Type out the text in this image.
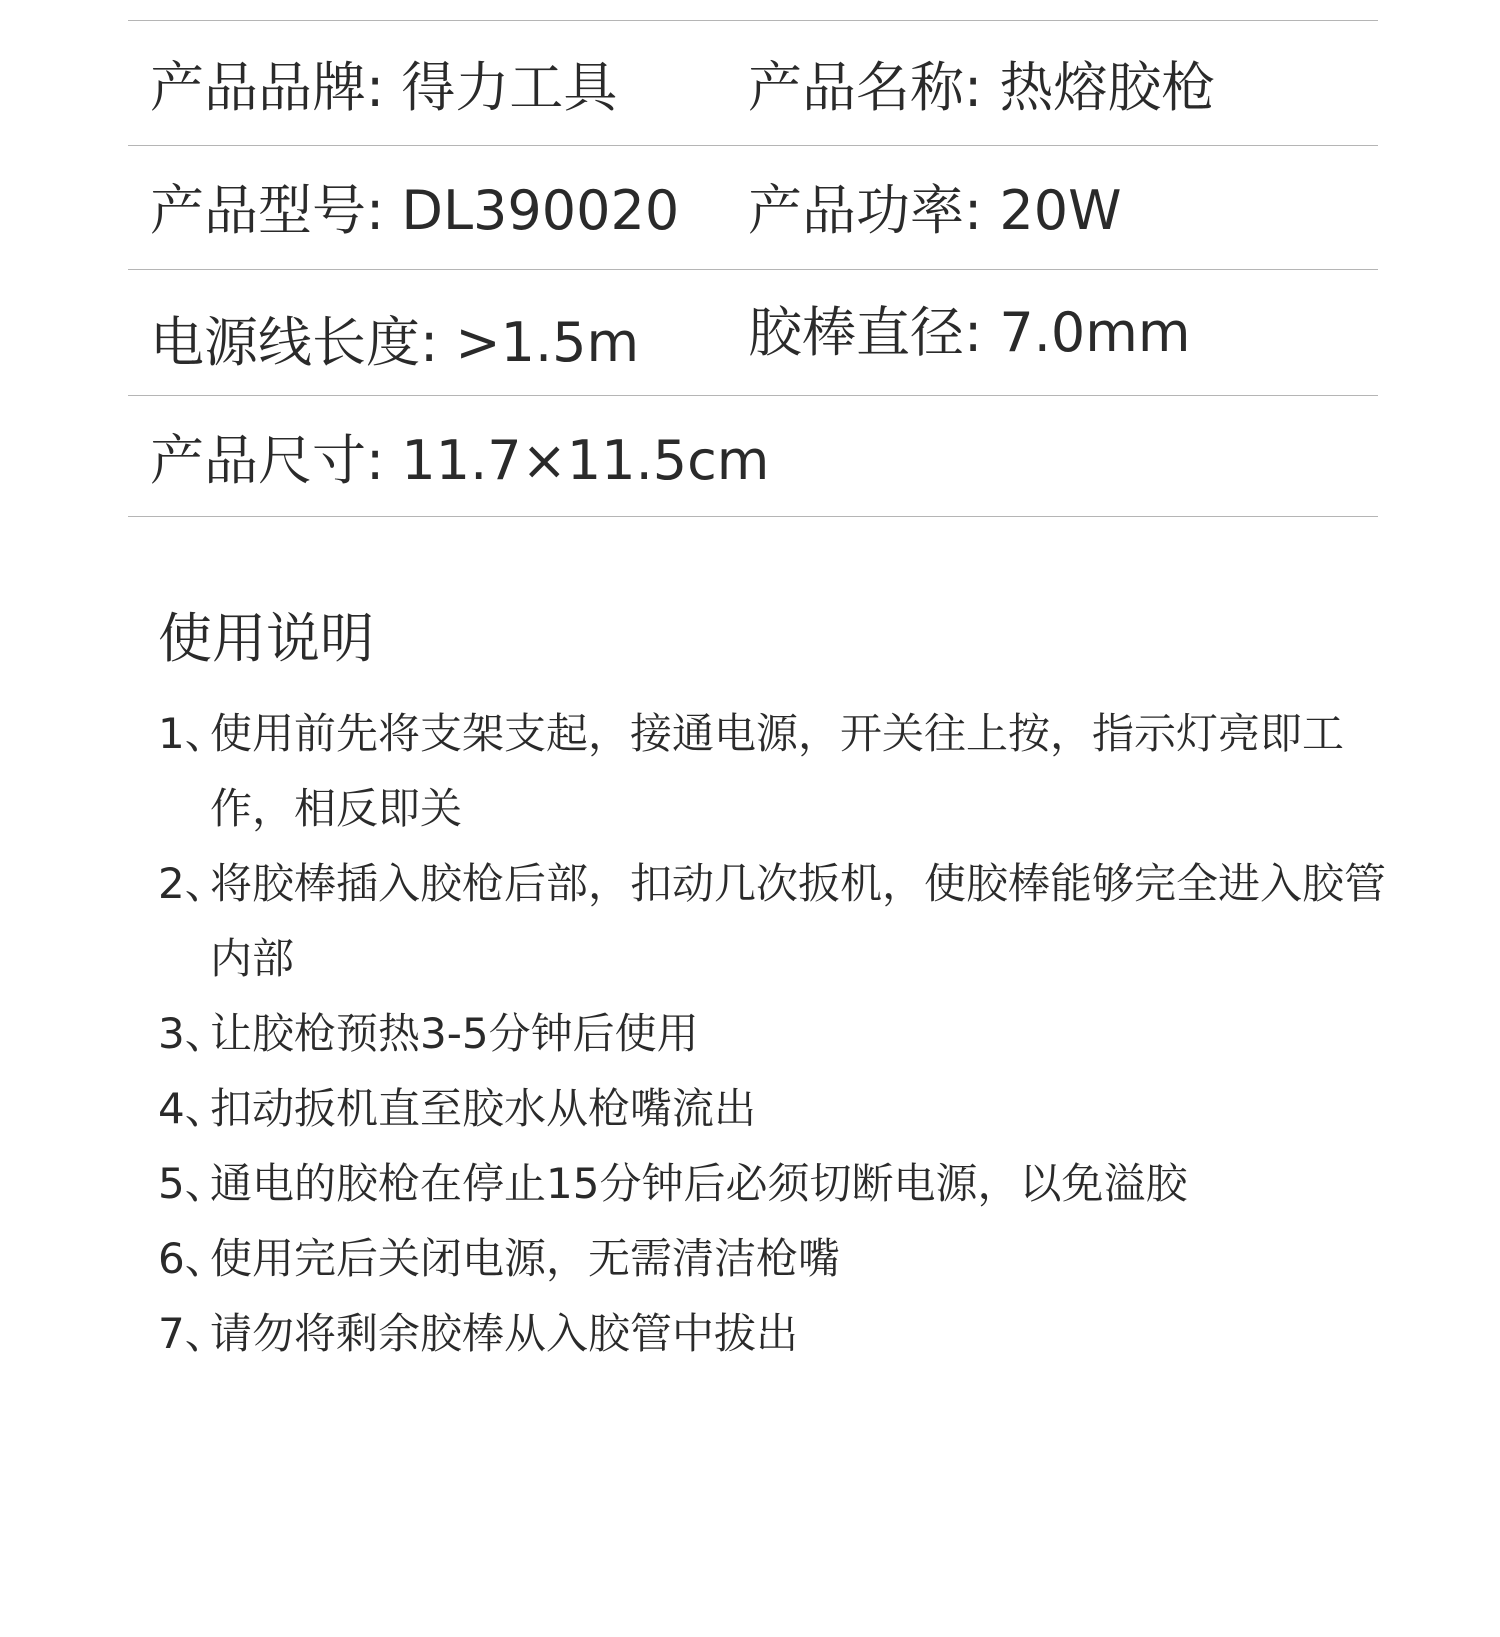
产品品牌: 得力工具 产品名称: 热熔胶枪
产品型号: DL390020 产品功率: 20W
电源线长度: >1.5m 胶棒直径: 7.0mm
产品尺寸: 11.7×11.5cm
使用说明
1、
使用前先将支架支起，接通电源，开关往上按，指示灯亮即工作，相反即关
2、
将胶棒插入胶枪后部，扣动几次扳机，使胶棒能够完全进入胶管内部
3、
让胶枪预热3-5分钟后使用
4、
扣动扳机直至胶水从枪嘴流出
5、
通电的胶枪在停止15分钟后必须切断电源，以免溢胶
6、
使用完后关闭电源，无需清洁枪嘴
7、
请勿将剩余胶棒从入胶管中拔出
